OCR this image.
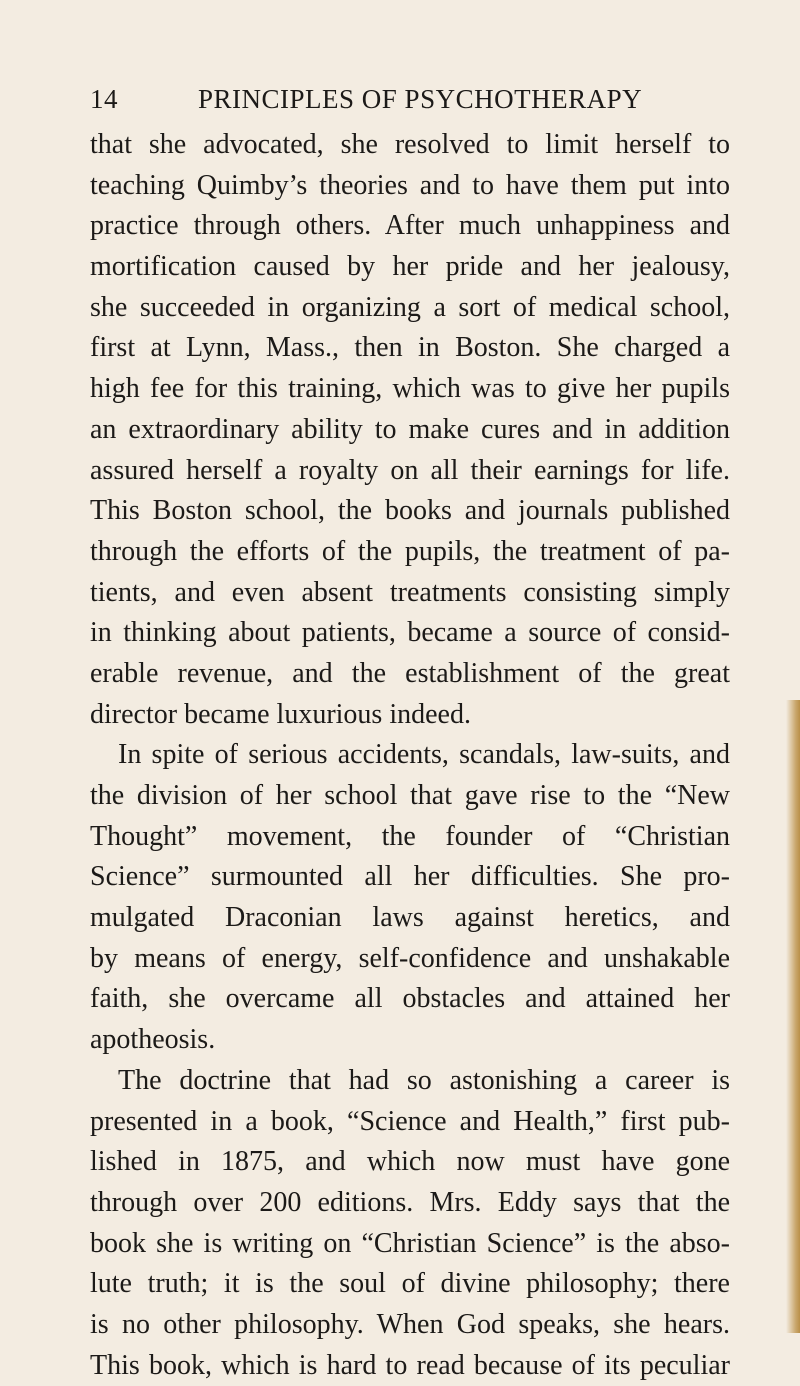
14	PRINCIPLES OF PSYCHOTHERAPY
that she advocated, she resolved to limit herself to
teaching Quimby’s theories and to have them put into
practice through others. After much unhappiness and
mortification caused by her pride and her jealousy,
she succeeded in organizing a sort of medical school,
first at Lynn, Mass., then in Boston. She charged a
high fee for this training, which was to give her pupils
an extraordinary ability to make cures and in addition
assured herself a royalty on all their earnings for life.
This Boston school, the books and journals published
through the efforts of the pupils, the treatment of pa-
tients, and even absent treatments consisting simply
in thinking about patients, became a source of consid-
erable revenue, and the establishment of the great
director became luxurious indeed.
In spite of serious accidents, scandals, law-suits, and
the division of her school that gave rise to the “New
Thought” movement, the founder of “Christian
Science” surmounted all her difficulties. She pro-
mulgated Draconian laws against heretics, and
by means of energy, self-confidence and unshakable
faith, she overcame all obstacles and attained her
apotheosis.
The doctrine that had so astonishing a career is
presented in a book, “Science and Health,” first pub-
lished in 1875, and which now must have gone
through over 200 editions. Mrs. Eddy says that the
book she is writing on “Christian Science” is the abso-
lute truth; it is the soul of divine philosophy; there
is no other philosophy. When God speaks, she hears.
This book, which is hard to read because of its peculiar
